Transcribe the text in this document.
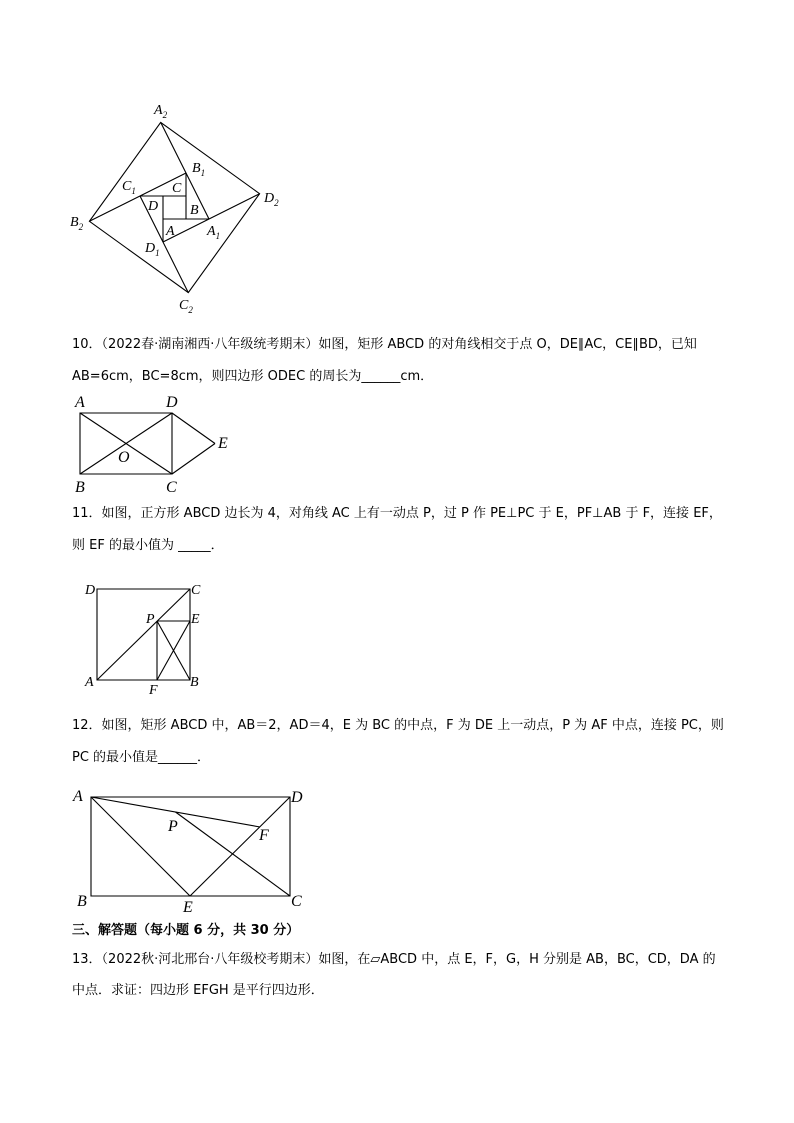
$A_2$
$B_2$
$C_2$
$D_2$
$B_1$
$C_1$
$D_1$
$A_1$
C
D B
A
A	D
B	C
O
E
D	C
P	E
A
F
B
A	D
P
F
B	E	C
10．（2022春·湖南湘西·八年级统考期末）如图，矩形 ABCD 的对角线相交于点 O，DE∥AC，CE∥BD，已知
AB=6cm，BC=8cm，则四边形 ODEC 的周长为______cm．
11．如图，正方形 ABCD 边长为 4，对角线 AC 上有一动点 P，过 P 作 PE⊥PC 于 E，PF⊥AB 于 F，连接 EF，
则 EF 的最小值为 _____．
12．如图，矩形 ABCD 中，AB＝2，AD＝4，E 为 BC 的中点，F 为 DE 上一动点，P 为 AF 中点，连接 PC，则
PC 的最小值是______．
三、解答题（每小题 6 分，共 30 分）
13．（2022秋·河北邢台·八年级校考期末）如图，在▱ABCD 中，点 E，F，G，H 分别是 AB，BC，CD，DA 的
中点．求证：四边形 EFGH 是平行四边形．
